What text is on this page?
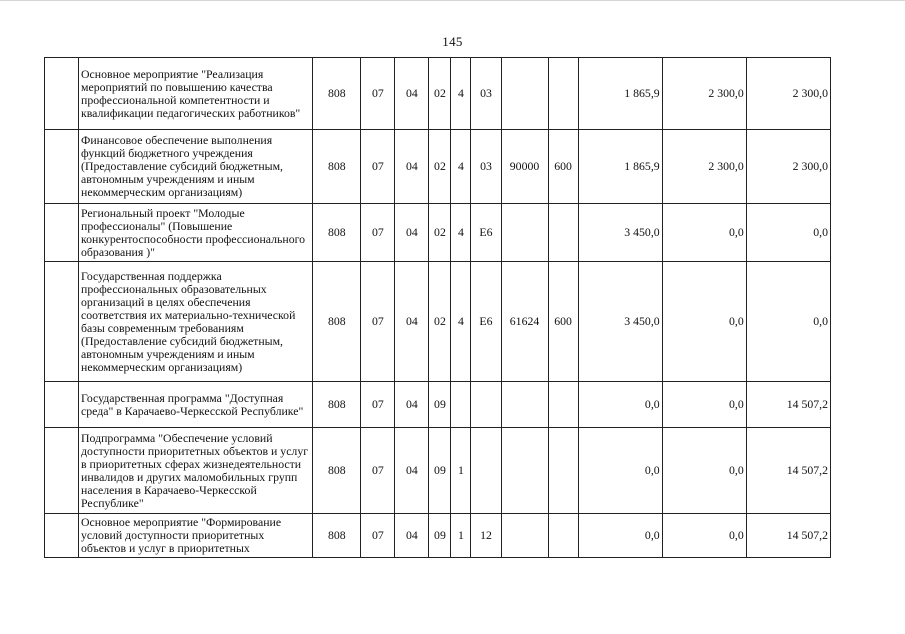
145
	Основное мероприятие "Реализация мероприятий по повышению качества профессиональной компетентности и квалификации педагогических работников"	808	07	04	02	4	03			1 865,9	2 300,0	2 300,0
	Финансовое обеспечение выполнения функций бюджетного учреждения (Предоставление субсидий бюджетным, автономным учреждениям и иным некоммерческим организациям)	808	07	04	02	4	03	90000	600	1 865,9	2 300,0	2 300,0
	Региональный проект "Молодые профессионалы" (Повышение конкурентоспособности профессионального образования )"	808	07	04	02	4	Е6			3 450,0	0,0	0,0
	Государственная поддержка профессиональных образовательных организаций в целях обеспечения соответствия их материально-технической базы современным требованиям (Предоставление субсидий бюджетным, автономным учреждениям и иным некоммерческим организациям)	808	07	04	02	4	Е6	61624	600	3 450,0	0,0	0,0
	Государственная программа "Доступная среда" в Карачаево-Черкесской Республике"	808	07	04	09					0,0	0,0	14 507,2
	Подпрограмма "Обеспечение условий доступности приоритетных объектов и услуг в приоритетных сферах жизнедеятельности инвалидов и других маломобильных групп населения в Карачаево-Черкесской Республике"	808	07	04	09	1				0,0	0,0	14 507,2
	Основное мероприятие "Формирование условий доступности приоритетных объектов и услуг в приоритетных	808	07	04	09	1	12			0,0	0,0	14 507,2
